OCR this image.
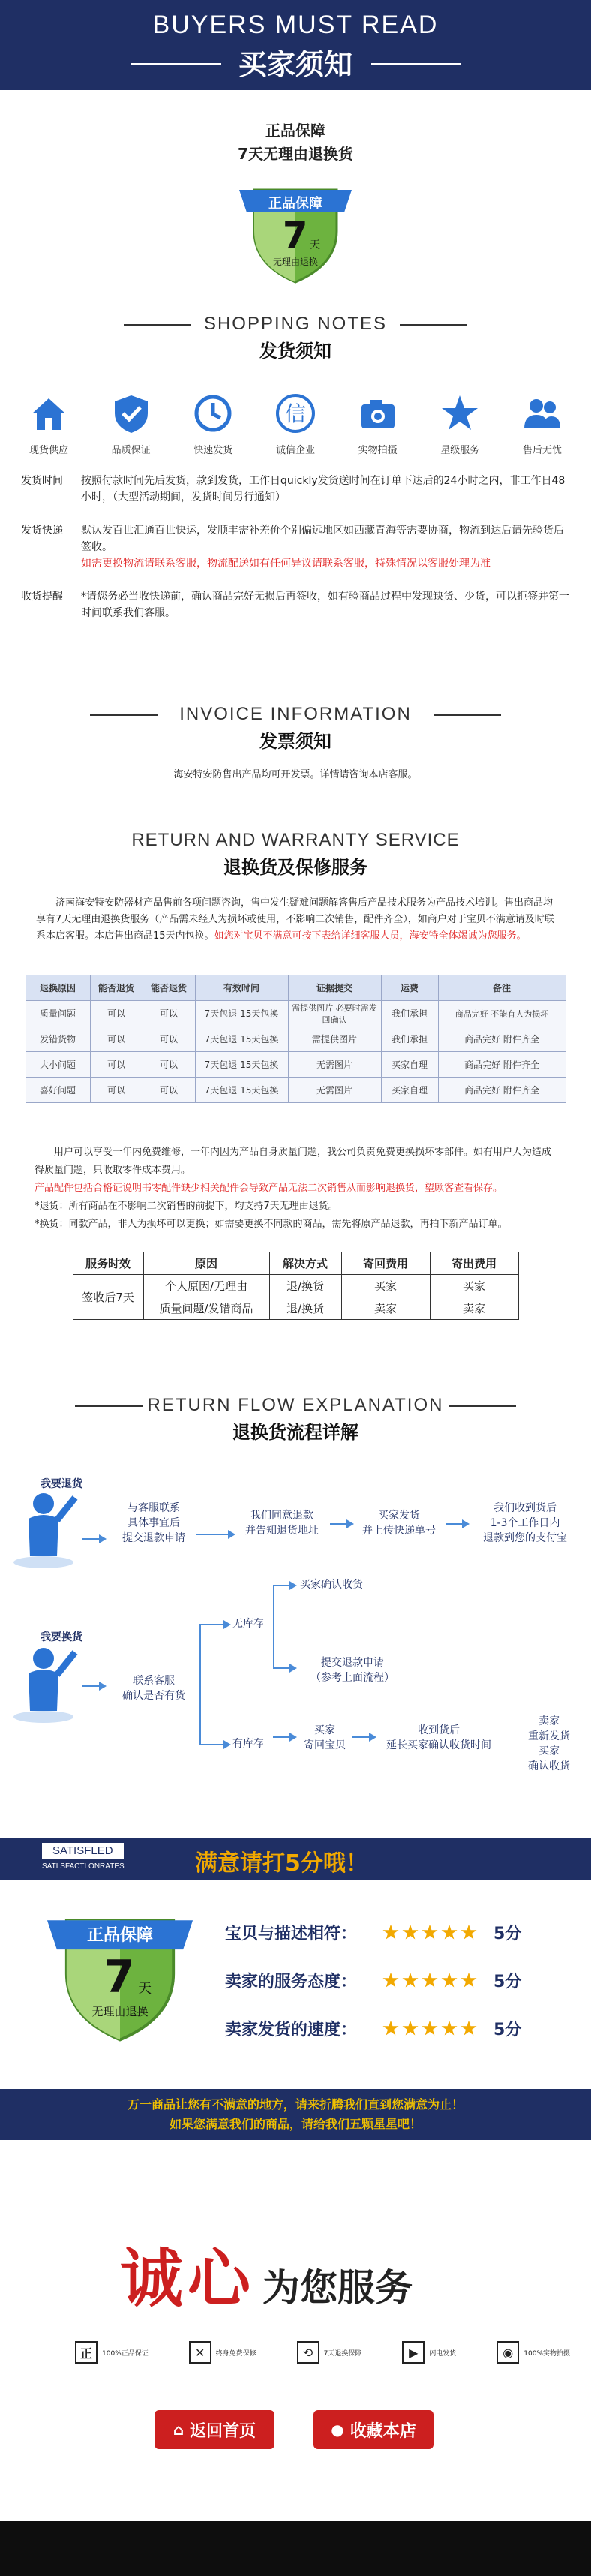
BUYERS MUST READ
买家须知
正品保障
7天无理由退换货
正品保障
7 天
无理由退换
SHOPPING NOTES
发货须知
现货供应	品质保证	快速发货
信
诚信企业	实物拍摄	星级服务	售后无忧
发货时间	按照付款时间先后发货，款到发货，工作日quickly发货送时间在订单下达后的24小时之内，非工作日48小时，（大型活动期间，发货时间另行通知）
发货快递	默认发百世汇通百世快运，发顺丰需补差价个别偏远地区如西藏青海等需要协商，物流到达后请先验货后签收。
如需更换物流请联系客服，物流配送如有任何异议请联系客服，特殊情况以客服处理为准
收货提醒	*请您务必当收快递前，确认商品完好无损后再签收，如有验商品过程中发现缺货、少货，可以拒签并第一时间联系我们客服。
INVOICE INFORMATION
发票须知
海安特安防售出产品均可开发票。详情请咨询本店客服。
RETURN AND WARRANTY SERVICE
退换货及保修服务
济南海安特安防器材产品售前各项问题咨询，售中发生疑难问题解答售后产品技术服务为产品技术培训。售出商品均享有7天无理由退换货服务（产品需未经人为损坏或使用，不影响二次销售，配件齐全），如商户对于宝贝不满意请及时联系本店客服。本店售出商品15天内包换。如您对宝贝不满意可按下表给详细客服人员，海安特全体竭诚为您服务。
退换原因	能否退货	能否退货	有效时间	证据提交	运费	备注
质量问题	可以	可以	7天包退 15天包换	需提供图片 必要时需发回确认	我们承担	商品完好 不能有人为损坏
发错货物	可以	可以	7天包退 15天包换	需提供图片	我们承担	商品完好 附件齐全
大小问题	可以	可以	7天包退 15天包换	无需图片	买家自理	商品完好 附件齐全
喜好问题	可以	可以	7天包退 15天包换	无需图片	买家自理	商品完好 附件齐全
用户可以享受一年内免费维修，一年内因为产品自身质量问题，我公司负责免费更换损坏零部件。如有用户人为造成得质量问题，只收取零件成本费用。
产品配件包括合格证说明书零配件缺少相关配件会导致产品无法二次销售从而影响退换货，望顾客查看保存。
*退货：所有商品在不影响二次销售的前提下，均支持7天无理由退货。
*换货：同款产品，非人为损坏可以更换；如需要更换不同款的商品，需先将原产品退款，再拍下新产品订单。
服务时效	原因	解决方式	寄回费用	寄出费用
签收后7天	个人原因/无理由	退/换货	买家	买家
	质量问题/发错商品	退/换货	卖家	卖家
RETURN FLOW EXPLANATION
退换货流程详解
我要退货
与客服联系
具体事宜后
提交退款申请
我们同意退款
并告知退货地址
买家发货
并上传快递单号
我们收到货后
1-3个工作日内
退款到您的支付宝
我要换货
联系客服
确认是否有货
无库存
有库存
买家确认收货
提交退款申请
（参考上面流程）
买家
寄回宝贝
收到货后
延长买家确认收货时间
卖家
重新发货
买家
确认收货
SATISFLED
SATLSFACTLONRATES	满意请打5分哦！
正品保障
7 天
无理由退换
宝贝与描述相符：	5分
卖家的服务态度：	5分
卖家发货的速度：	5分
万一商品让您有不满意的地方，请来折腾我们直到您满意为止！
如果您满意我们的商品，请给我们五颗星星吧！
诚心 为您服务
正	100%正品保证	✕	终身免费保修	⟲	7天退换保障	▶	闪电发货	◉	100%实物拍摄
⌂ 返回首页	● 收藏本店
